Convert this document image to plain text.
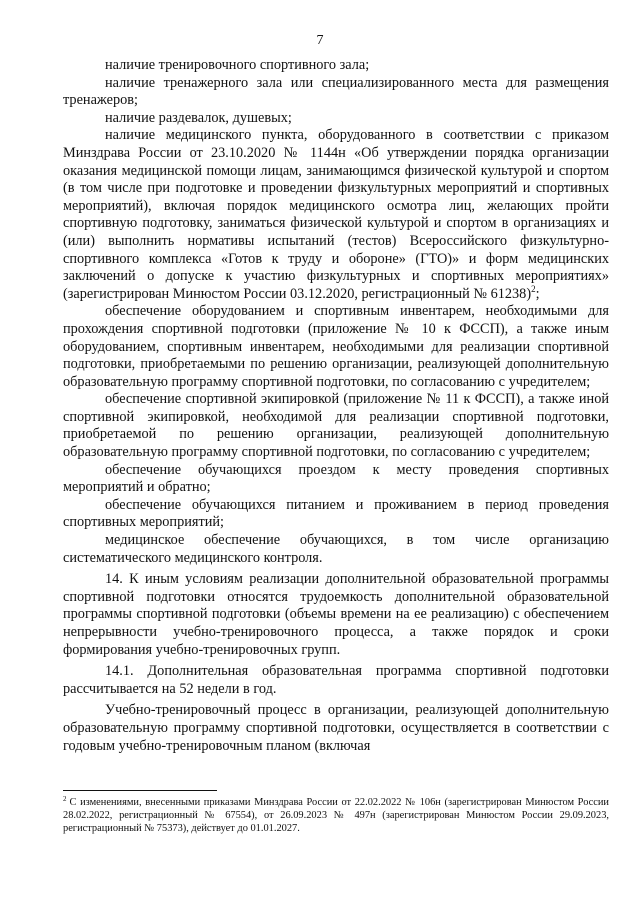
7

наличие тренировочного спортивного зала;

наличие тренажерного зала или специализированного места для размещения тренажеров;

наличие раздевалок, душевых;

наличие медицинского пункта, оборудованного в соответствии с приказом Минздрава России от 23.10.2020 № 1144н «Об утверждении порядка организации оказания медицинской помощи лицам, занимающимся физической культурой и спортом (в том числе при подготовке и проведении физкультурных мероприятий и спортивных мероприятий), включая порядок медицинского осмотра лиц, желающих пройти спортивную подготовку, заниматься физической культурой и спортом в организациях и (или) выполнить нормативы испытаний (тестов) Всероссийского физкультурно-спортивного комплекса «Готов к труду и обороне» (ГТО)» и форм медицинских заключений о допуске к участию физкультурных и спортивных мероприятиях» (зарегистрирован Минюстом России 03.12.2020, регистрационный № 61238)$^2$;

обеспечение оборудованием и спортивным инвентарем, необходимыми для прохождения спортивной подготовки (приложение № 10 к ФССП), а также иным оборудованием, спортивным инвентарем, необходимыми для реализации спортивной подготовки, приобретаемыми по решению организации, реализующей дополнительную образовательную программу спортивной подготовки, по согласованию с учредителем;

обеспечение спортивной экипировкой (приложение № 11 к ФССП), а также иной спортивной экипировкой, необходимой для реализации спортивной подготовки, приобретаемой по решению организации, реализующей дополнительную образовательную программу спортивной подготовки, по согласованию с учредителем;

обеспечение обучающихся проездом к месту проведения спортивных мероприятий и обратно;

обеспечение обучающихся питанием и проживанием в период проведения спортивных мероприятий;

медицинское обеспечение обучающихся, в том числе организацию систематического медицинского контроля.

14. К иным условиям реализации дополнительной образовательной программы спортивной подготовки относятся трудоемкость дополнительной образовательной программы спортивной подготовки (объемы времени на ее реализацию) с обеспечением непрерывности учебно-тренировочного процесса, а также порядок и сроки формирования учебно-тренировочных групп.

14.1. Дополнительная образовательная программа спортивной подготовки рассчитывается на 52 недели в год.

Учебно-тренировочный процесс в организации, реализующей дополнительную образовательную программу спортивной подготовки, осуществляется в соответствии с годовым учебно-тренировочным планом (включая

$^2$ С изменениями, внесенными приказами Минздрава России от 22.02.2022 № 106н (зарегистрирован Минюстом России 28.02.2022, регистрационный № 67554), от 26.09.2023 № 497н (зарегистрирован Минюстом России 29.09.2023, регистрационный № 75373), действует до 01.01.2027.
